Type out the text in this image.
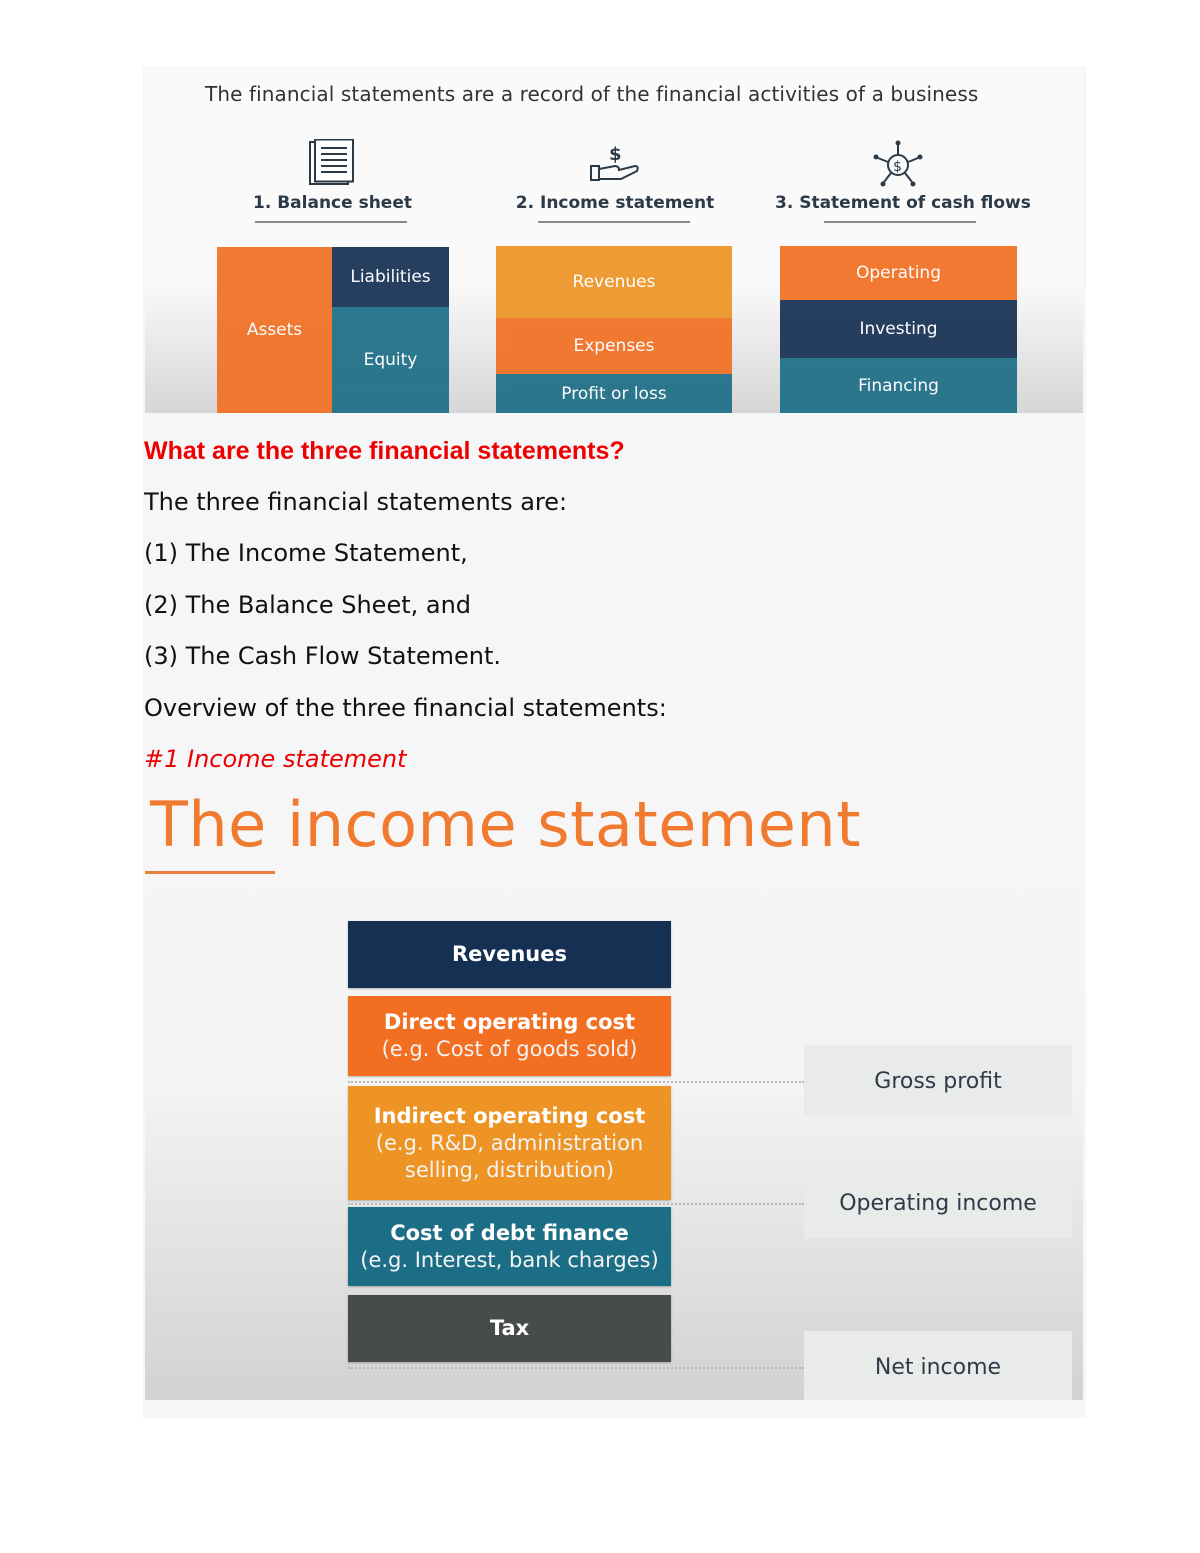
The financial statements are a record of the financial activities of a business
1. Balance sheet
$
2. Income statement
$
3. Statement of cash flows
Assets
Liabilities
Equity
Revenues
Expenses
Profit or loss
Operating
Investing
Financing
What are the three financial statements?
The three financial statements are:
(1) The Income Statement,
(2) The Balance Sheet, and
(3) The Cash Flow Statement.
Overview of the three financial statements:
#1 Income statement
The income statement
Revenues
Direct operating cost
(e.g. Cost of goods sold)
Indirect operating cost
(e.g. R&D, administration
selling, distribution)
Cost of debt finance
(e.g. Interest, bank charges)
Tax
Gross profit
Operating income
Net income
